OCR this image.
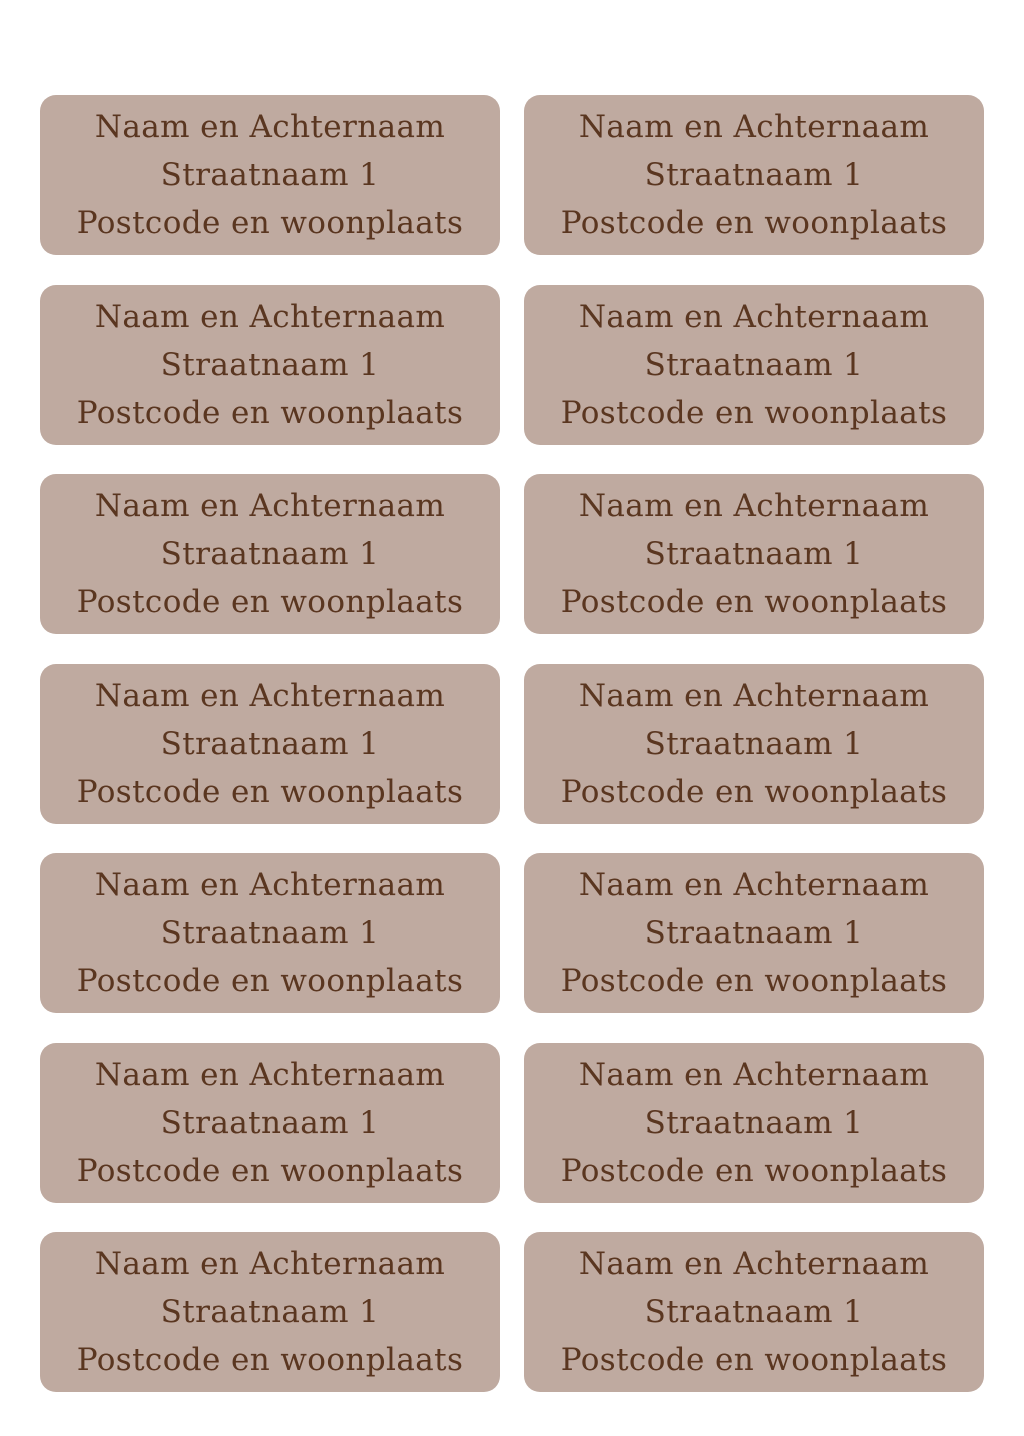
Naam en Achternaam
Straatnaam 1
Postcode en woonplaats
Naam en Achternaam
Straatnaam 1
Postcode en woonplaats
Naam en Achternaam
Straatnaam 1
Postcode en woonplaats
Naam en Achternaam
Straatnaam 1
Postcode en woonplaats
Naam en Achternaam
Straatnaam 1
Postcode en woonplaats
Naam en Achternaam
Straatnaam 1
Postcode en woonplaats
Naam en Achternaam
Straatnaam 1
Postcode en woonplaats
Naam en Achternaam
Straatnaam 1
Postcode en woonplaats
Naam en Achternaam
Straatnaam 1
Postcode en woonplaats
Naam en Achternaam
Straatnaam 1
Postcode en woonplaats
Naam en Achternaam
Straatnaam 1
Postcode en woonplaats
Naam en Achternaam
Straatnaam 1
Postcode en woonplaats
Naam en Achternaam
Straatnaam 1
Postcode en woonplaats
Naam en Achternaam
Straatnaam 1
Postcode en woonplaats
